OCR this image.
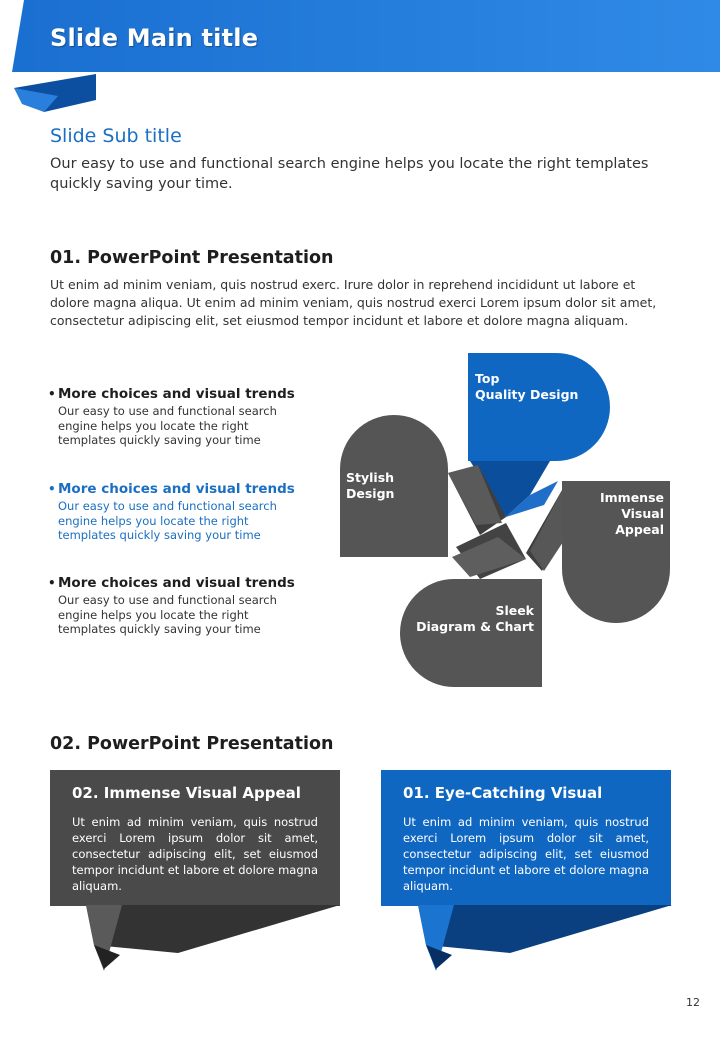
Slide Main title
Slide Sub title
Our easy to use and functional search engine helps you locate the right templates quickly saving your time.
01. PowerPoint Presentation
Ut enim ad minim veniam, quis nostrud exerc. Irure dolor in reprehend incididunt ut labore et dolore magna aliqua. Ut enim ad minim veniam, quis nostrud exerci Lorem ipsum dolor sit amet, consectetur adipiscing elit, set eiusmod tempor incidunt et labore et dolore magna aliquam.
• More choices and visual trends
Our easy to use and functional search engine helps you locate the right templates quickly saving your time
• More choices and visual trends
Our easy to use and functional search engine helps you locate the right templates quickly saving your time
• More choices and visual trends
Our easy to use and functional search engine helps you locate the right templates quickly saving your time
Top
Quality Design
Stylish
Design	Immense
Visual
Appeal
Sleek
Diagram & Chart
02. PowerPoint Presentation
02. Immense Visual Appeal
Ut enim ad minim veniam, quis nostrud exerci Lorem ipsum dolor sit amet, consectetur adipiscing elit, set eiusmod tempor incidunt et labore et dolore magna aliquam.
01. Eye-Catching Visual
Ut enim ad minim veniam, quis nostrud exerci Lorem ipsum dolor sit amet, consectetur adipiscing elit, set eiusmod tempor incidunt et labore et dolore magna aliquam.
12
